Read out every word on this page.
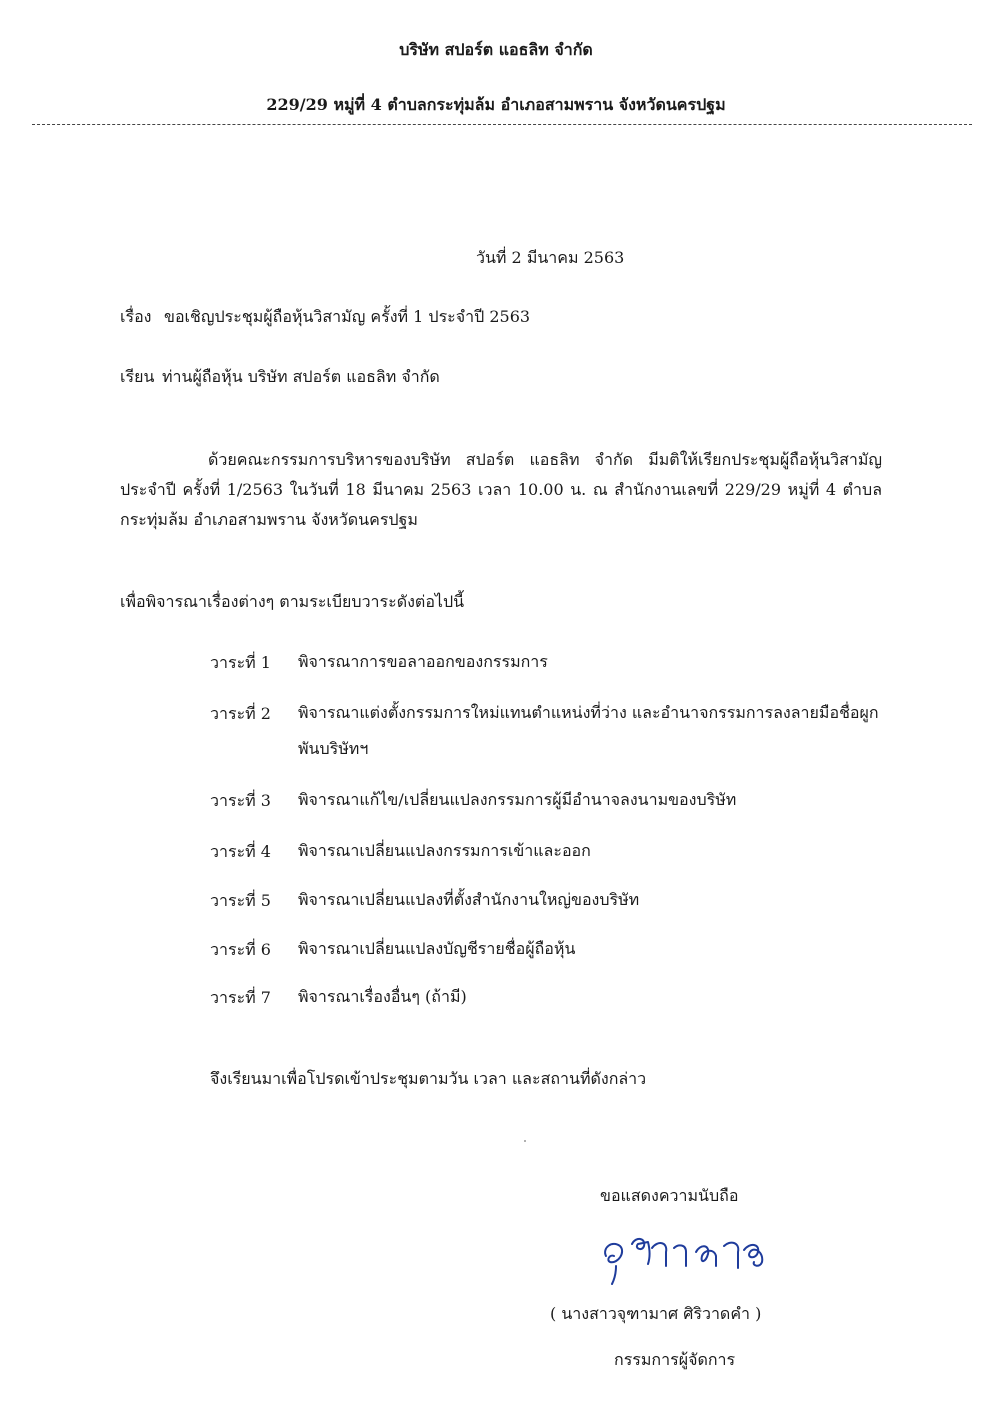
บริษัท สปอร์ต แอธลิท จำกัด
229/29 หมู่ที่ 4 ตำบลกระทุ่มล้ม อำเภอสามพราน จังหวัดนครปฐม
วันที่ 2 มีนาคม 2563
เรื่อง ขอเชิญประชุมผู้ถือหุ้นวิสามัญ ครั้งที่ 1 ประจำปี 2563
เรียน ท่านผู้ถือหุ้น บริษัท สปอร์ต แอธลิท จำกัด
ด้วยคณะกรรมการบริหารของบริษัท สปอร์ต แอธลิท จำกัด มีมติให้เรียกประชุมผู้ถือหุ้นวิสามัญ ประจำปี ครั้งที่ 1/2563 ในวันที่ 18 มีนาคม 2563 เวลา 10.00 น. ณ สำนักงานเลขที่ 229/29 หมู่ที่ 4 ตำบลกระทุ่มล้ม อำเภอสามพราน จังหวัดนครปฐม
เพื่อพิจารณาเรื่องต่างๆ ตามระเบียบวาระดังต่อไปนี้
วาระที่ 1 พิจารณาการขอลาออกของกรรมการ
วาระที่ 2 พิจารณาแต่งตั้งกรรมการใหม่แทนตำแหน่งที่ว่าง และอำนาจกรรมการลงลายมือชื่อผูกพันบริษัทฯ
วาระที่ 3 พิจารณาแก้ไข/เปลี่ยนแปลงกรรมการผู้มีอำนาจลงนามของบริษัท
วาระที่ 4 พิจารณาเปลี่ยนแปลงกรรมการเข้าและออก
วาระที่ 5 พิจารณาเปลี่ยนแปลงที่ตั้งสำนักงานใหญ่ของบริษัท
วาระที่ 6 พิจารณาเปลี่ยนแปลงบัญชีรายชื่อผู้ถือหุ้น
วาระที่ 7 พิจารณาเรื่องอื่นๆ (ถ้ามี)
จึงเรียนมาเพื่อโปรดเข้าประชุมตามวัน เวลา และสถานที่ดังกล่าว
ขอแสดงความนับถือ
( นางสาวจุฑามาศ ศิริวาดคำ )
กรรมการผู้จัดการ
